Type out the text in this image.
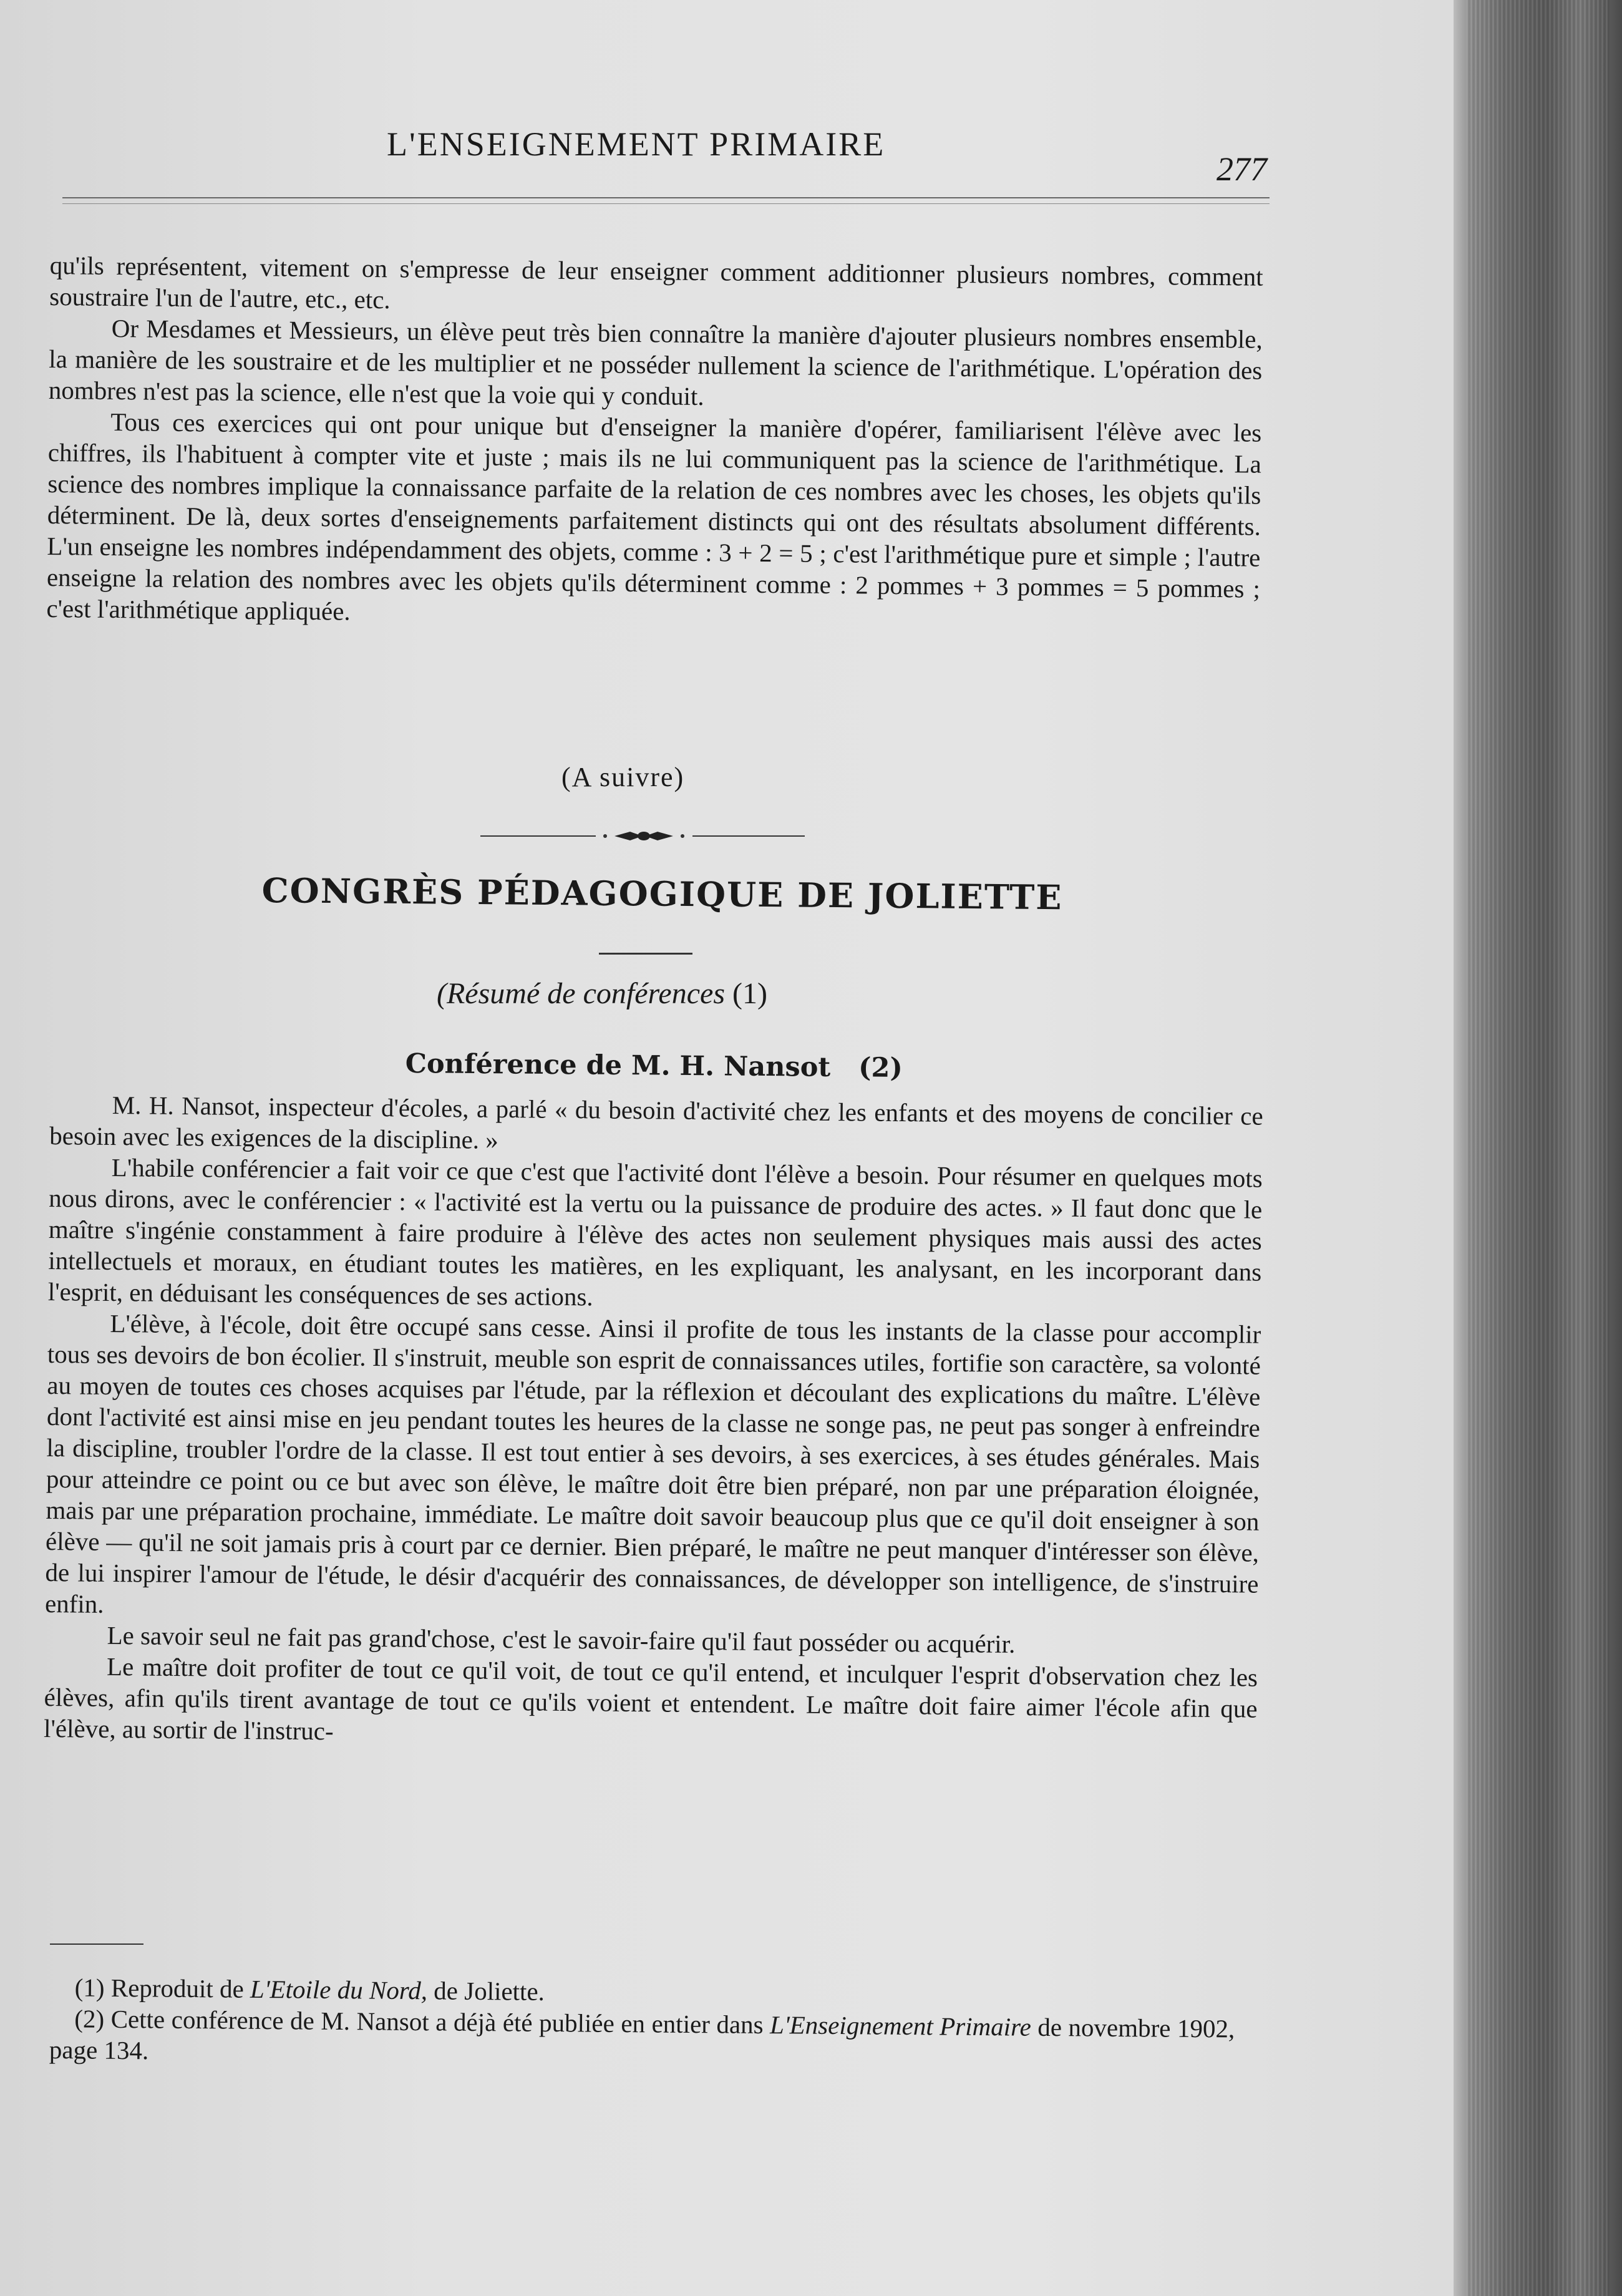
L'ENSEIGNEMENT PRIMAIRE
277

qu'ils représentent, vitement on s'empresse de leur enseigner comment additionner plusieurs nombres, comment soustraire l'un de l'autre, etc., etc.

Or Mesdames et Messieurs, un élève peut très bien connaître la manière d'ajouter plusieurs nombres ensemble, la manière de les soustraire et de les multiplier et ne posséder nullement la science de l'arithmétique. L'opération des nombres n'est pas la science, elle n'est que la voie qui y conduit.

Tous ces exercices qui ont pour unique but d'enseigner la manière d'opérer, familiarisent l'élève avec les chiffres, ils l'habituent à compter vite et juste ; mais ils ne lui communiquent pas la science de l'arithmétique. La science des nombres implique la connaissance parfaite de la relation de ces nombres avec les choses, les objets qu'ils déterminent. De là, deux sortes d'enseignements parfaitement distincts qui ont des résultats absolument différents. L'un enseigne les nombres indépendamment des objets, comme : 3 + 2 = 5 ; c'est l'arithmétique pure et simple ; l'autre enseigne la relation des nombres avec les objets qu'ils déterminent comme : 2 pommes + 3 pommes = 5 pommes ; c'est l'arithmétique appliquée.

(A suivre)
CONGRÈS PÉDAGOGIQUE DE JOLIETTE
(Résumé de conférences (1)
Conférence de M. H. Nansot (2)

M. H. Nansot, inspecteur d'écoles, a parlé « du besoin d'activité chez les enfants et des moyens de concilier ce besoin avec les exigences de la discipline. »

L'habile conférencier a fait voir ce que c'est que l'activité dont l'élève a besoin. Pour résumer en quelques mots nous dirons, avec le conférencier : « l'activité est la vertu ou la puissance de produire des actes. » Il faut donc que le maître s'ingénie constamment à faire produire à l'élève des actes non seulement physiques mais aussi des actes intellectuels et moraux, en étudiant toutes les matières, en les expliquant, les analysant, en les incorporant dans l'esprit, en déduisant les conséquences de ses actions.

L'élève, à l'école, doit être occupé sans cesse. Ainsi il profite de tous les instants de la classe pour accomplir tous ses devoirs de bon écolier. Il s'instruit, meuble son esprit de connaissances utiles, fortifie son caractère, sa volonté au moyen de toutes ces choses acquises par l'étude, par la réflexion et découlant des explications du maître. L'élève dont l'activité est ainsi mise en jeu pendant toutes les heures de la classe ne songe pas, ne peut pas songer à enfreindre la discipline, troubler l'ordre de la classe. Il est tout entier à ses devoirs, à ses exercices, à ses études générales. Mais pour atteindre ce point ou ce but avec son élève, le maître doit être bien préparé, non par une préparation éloignée, mais par une préparation prochaine, immédiate. Le maître doit savoir beaucoup plus que ce qu'il doit enseigner à son élève — qu'il ne soit jamais pris à court par ce dernier. Bien préparé, le maître ne peut manquer d'intéresser son élève, de lui inspirer l'amour de l'étude, le désir d'acquérir des connaissances, de développer son intelligence, de s'instruire enfin.

Le savoir seul ne fait pas grand'chose, c'est le savoir-faire qu'il faut posséder ou acquérir.

Le maître doit profiter de tout ce qu'il voit, de tout ce qu'il entend, et inculquer l'esprit d'observation chez les élèves, afin qu'ils tirent avantage de tout ce qu'ils voient et entendent. Le maître doit faire aimer l'école afin que l'élève, au sortir de l'instruc-

(1) Reproduit de L'Etoile du Nord, de Joliette.

(2) Cette conférence de M. Nansot a déjà été publiée en entier dans L'Enseignement Primaire de novembre 1902, page 134.
